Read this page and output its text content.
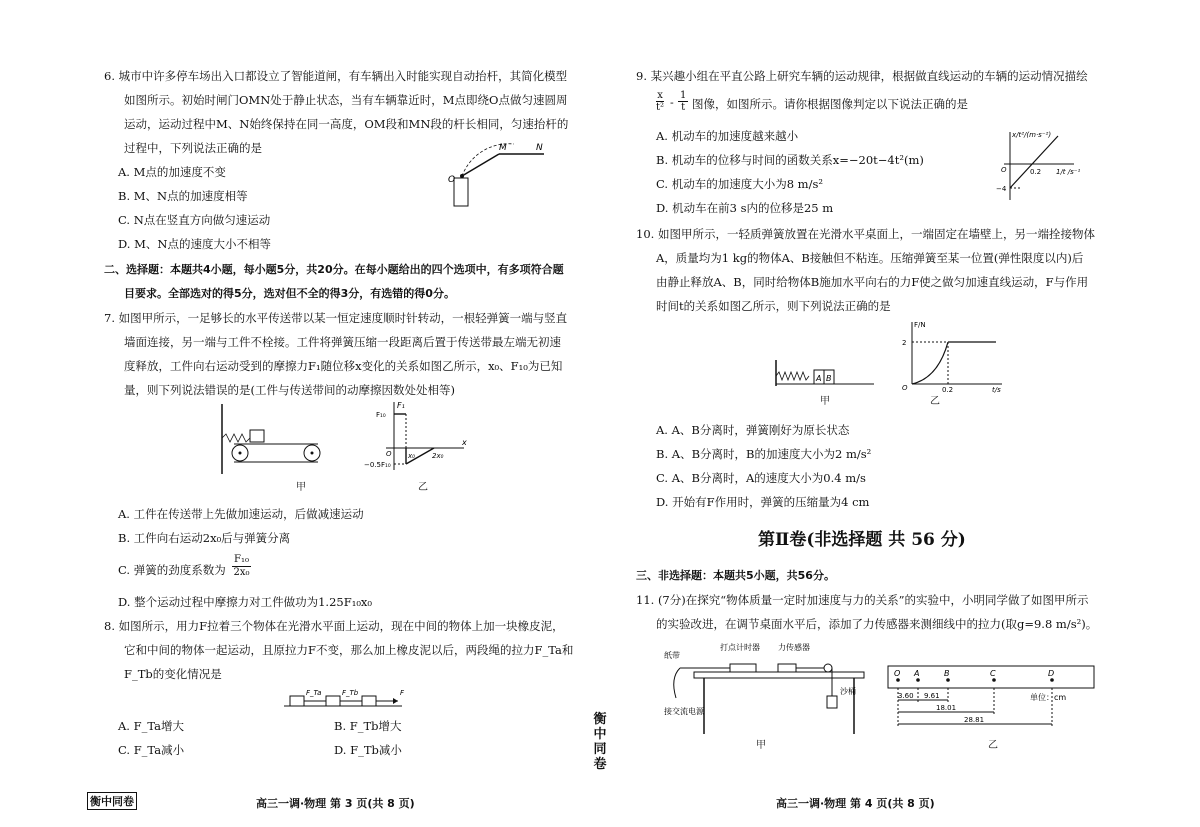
6. 城市中许多停车场出入口都设立了智能道闸，有车辆出入时能实现自动抬杆，其简化模型
如图所示。初始时闸门OMN处于静止状态，当有车辆靠近时，M点即绕O点做匀速圆周
运动，运动过程中M、N始终保持在同一高度，OM段和MN段的杆长相同，匀速抬杆的
过程中，下列说法正确的是
A. M点的加速度不变
B. M、N点的加速度相等
C. N点在竖直方向做匀速运动
D. M、N点的速度大小不相等
O
M	N
二、选择题：本题共4小题，每小题5分，共20分。在每小题给出的四个选项中，有多项符合题
目要求。全部选对的得5分，选对但不全的得3分，有选错的得0分。
7. 如图甲所示，一足够长的水平传送带以某一恒定速度顺时针转动，一根轻弹簧一端与竖直
墙面连接，另一端与工件不栓接。工件将弹簧压缩一段距离后置于传送带最左端无初速
度释放，工件向右运动受到的摩擦力F₁随位移x变化的关系如图乙所示，x₀、F₁₀为已知
量，则下列说法错误的是(工件与传送带间的动摩擦因数处处相等)
F₁
F₁₀
−0.5F₁₀
O x₀ 2x₀
x
甲	乙
A. 工件在传送带上先做加速运动，后做减速运动
B. 工件向右运动2x₀后与弹簧分离
C. 弹簧的劲度系数为 $\frac{\text{F₁₀}}{\text{2x₀}}$
D. 整个运动过程中摩擦力对工件做功为1.25F₁₀x₀
8. 如图所示，用力F拉着三个物体在光滑水平面上运动，现在中间的物体上加一块橡皮泥，
它和中间的物体一起运动，且原拉力F不变，那么加上橡皮泥以后，两段绳的拉力F_Ta和
F_Tb的变化情况是
F_Ta	F_Tb	F
A. F_Ta增大	B. F_Tb增大
C. F_Ta减小	D. F_Tb减小
衡中同卷	高三一调·物理 第 3 页(共 8 页)
衡中同卷
9. 某兴趣小组在平直公路上研究车辆的运动规律，根据做直线运动的车辆的运动情况描绘
x
t² -
1
t 图像，如图所示。请你根据图像判定以下说法正确的是
A. 机动车的加速度越来越小
B. 机动车的位移与时间的函数关系x=−20t−4t²(m)
C. 机动车的加速度大小为8 m/s²
D. 机动车在前3 s内的位移是25 m
x/t²/(m·s⁻²)
1/t /s⁻¹
−4
O	0.2
10. 如图甲所示，一轻质弹簧放置在光滑水平桌面上，一端固定在墙壁上，另一端拴接物体
A，质量均为1 kg的物体A、B接触但不粘连。压缩弹簧至某一位置(弹性限度以内)后
由静止释放A、B，同时给物体B施加水平向右的力F使之做匀加速直线运动，F与作用
时间t的关系如图乙所示，则下列说法正确的是
A B
F/N
2
O	0.2	t/s
甲	乙
A. A、B分离时，弹簧刚好为原长状态
B. A、B分离时，B的加速度大小为2 m/s²
C. A、B分离时，A的速度大小为0.4 m/s
D. 开始有F作用时，弹簧的压缩量为4 cm
第Ⅱ卷(非选择题 共 56 分)
三、非选择题：本题共5小题，共56分。
11. (7分)在探究“物体质量一定时加速度与力的关系”的实验中，小明同学做了如图甲所示
的实验改进，在调节桌面水平后，添加了力传感器来测细线中的拉力(取g=9.8 m/s²)。
打点计时器 力传感器
纸带
沙桶
接交流电源
O A	B	C	D
单位：cm
3.60 9.61
18.01
28.81
甲	乙
高三一调·物理 第 4 页(共 8 页)
